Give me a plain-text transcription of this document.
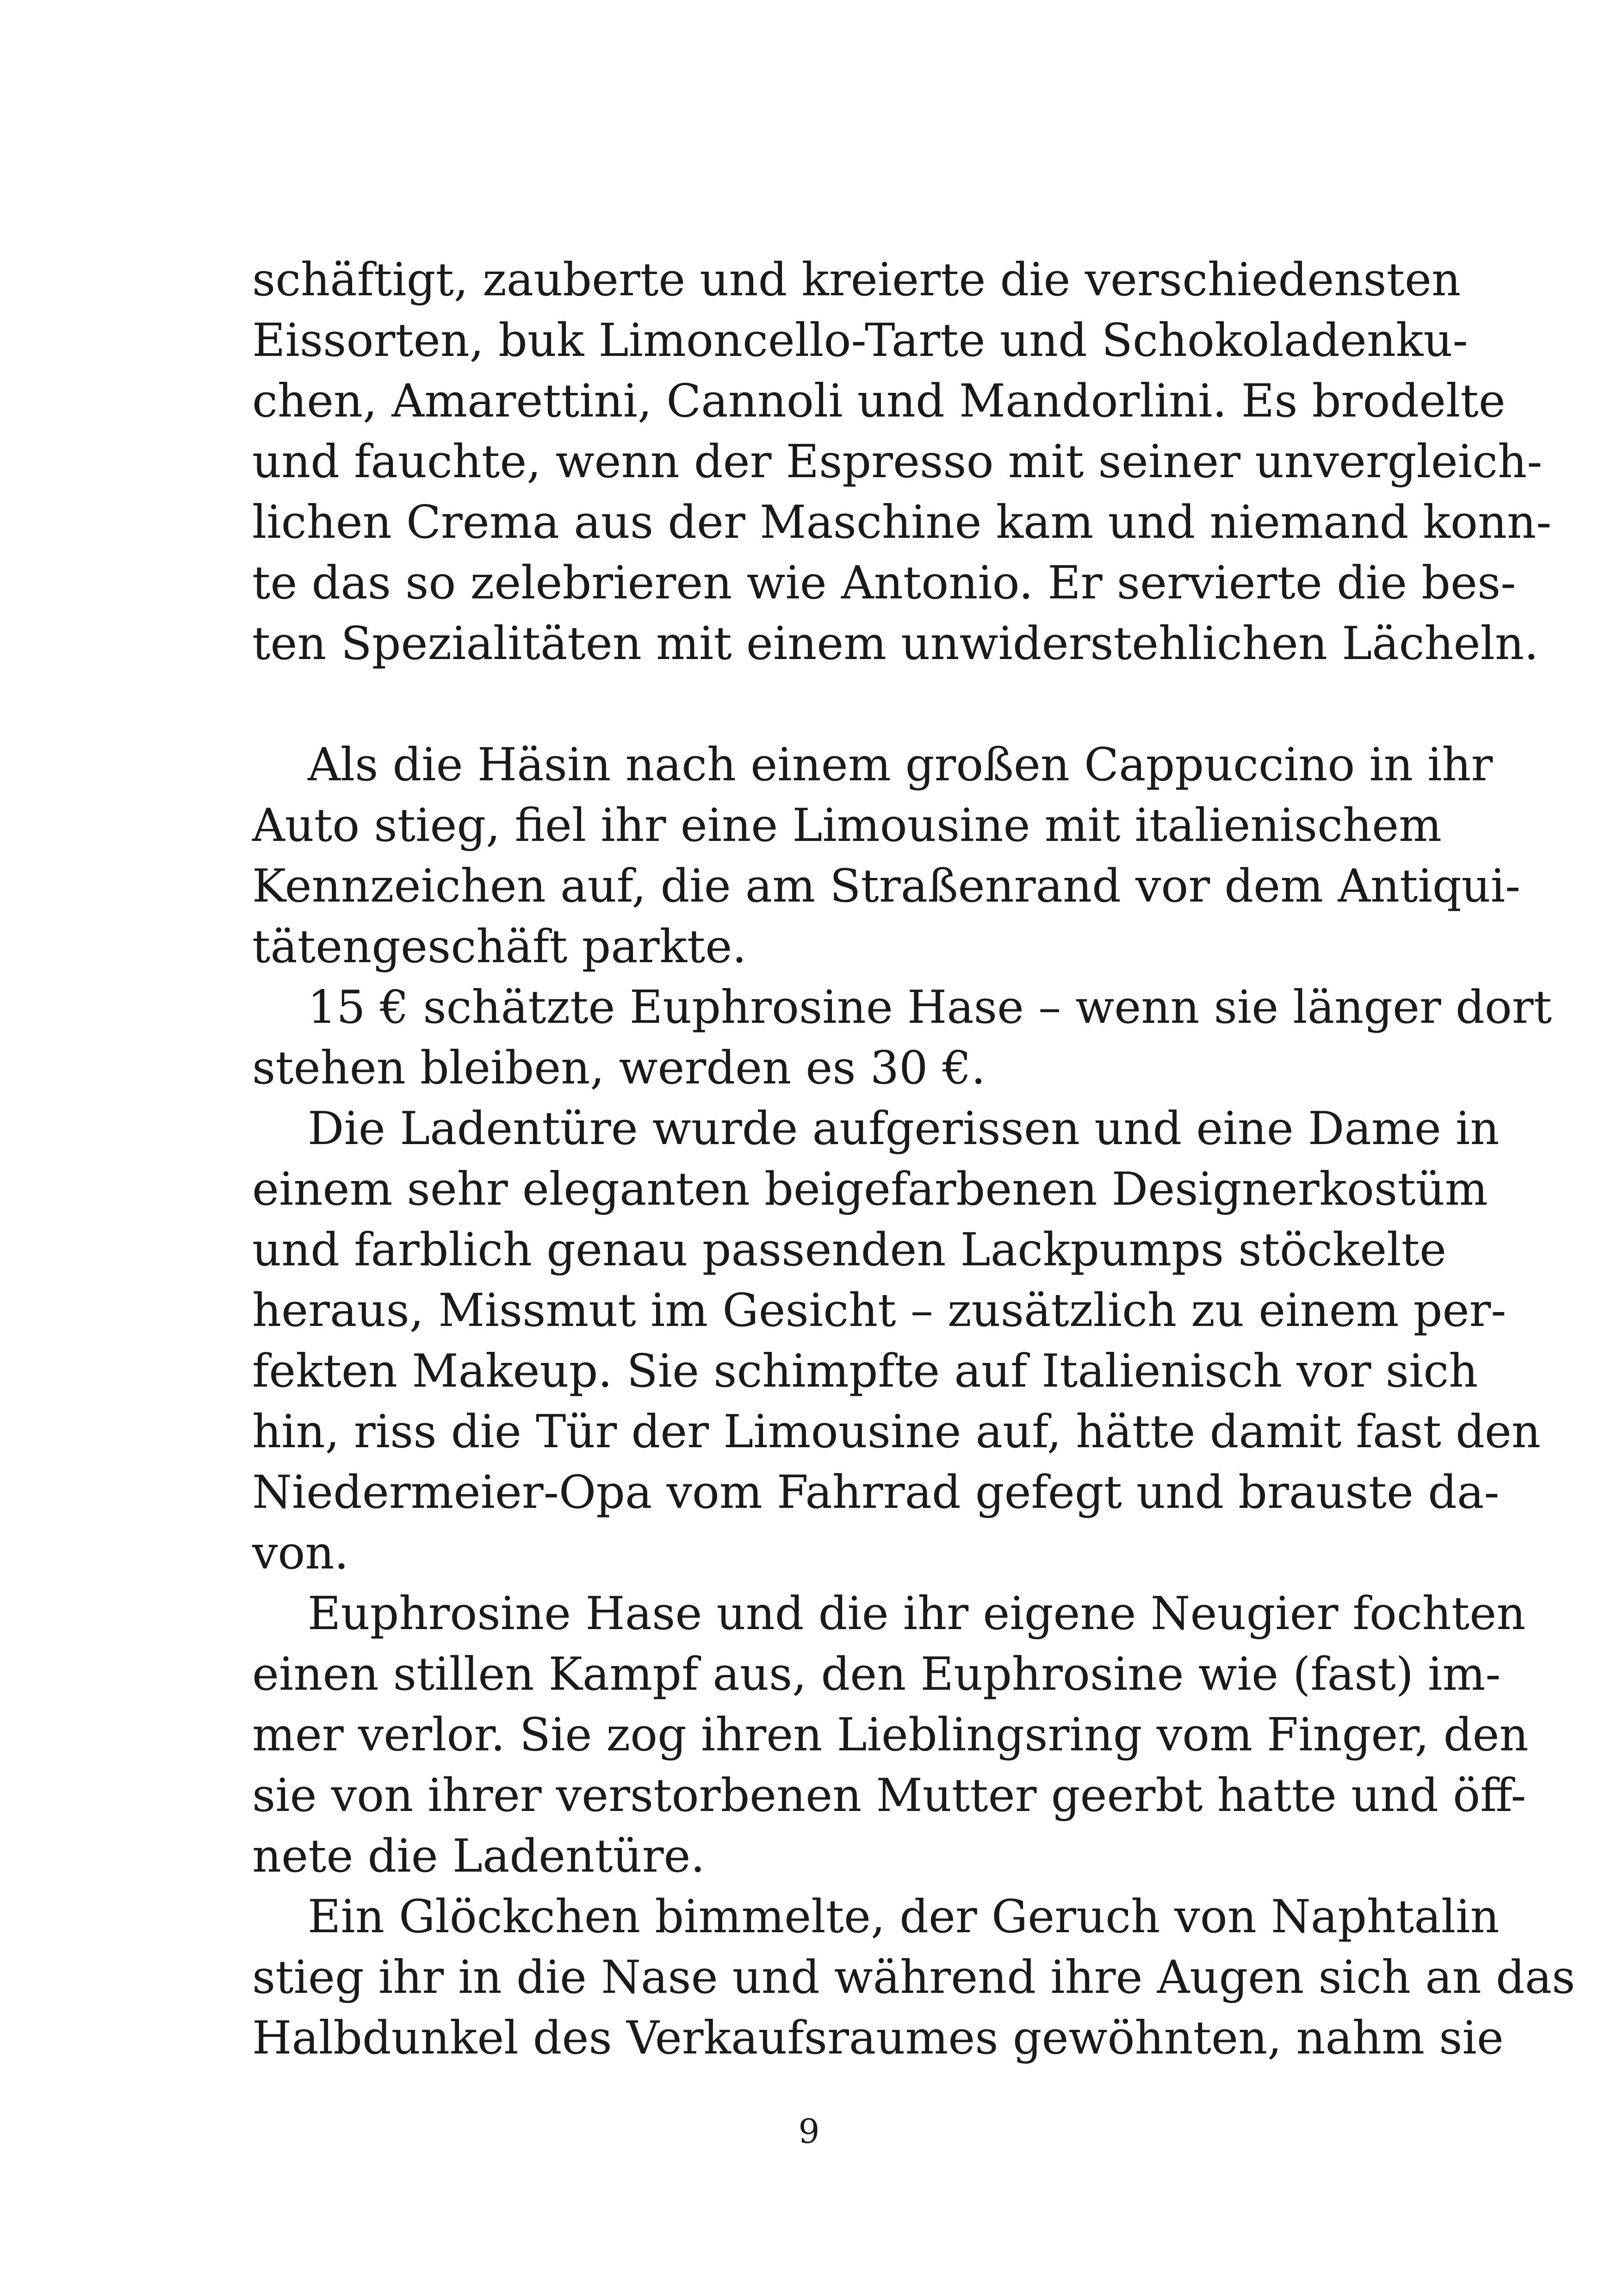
schäftigt, zauberte und kreierte die verschiedensten
Eissorten, buk Limoncello-Tarte und Schokoladenku-
chen, Amarettini, Cannoli und Mandorlini. Es brodelte
und fauchte, wenn der Espresso mit seiner unvergleich-
lichen Crema aus der Maschine kam und niemand konn-
te das so zelebrieren wie Antonio. Er servierte die bes-
ten Spezialitäten mit einem unwiderstehlichen Lächeln.
Als die Häsin nach einem großen Cappuccino in ihr
Auto stieg, fiel ihr eine Limousine mit italienischem
Kennzeichen auf, die am Straßenrand vor dem Antiqui-
tätengeschäft parkte.
15 € schätzte Euphrosine Hase – wenn sie länger dort
stehen bleiben, werden es 30 €.
Die Ladentüre wurde aufgerissen und eine Dame in
einem sehr eleganten beigefarbenen Designerkostüm
und farblich genau passenden Lackpumps stöckelte
heraus, Missmut im Gesicht – zusätzlich zu einem per-
fekten Makeup. Sie schimpfte auf Italienisch vor sich
hin, riss die Tür der Limousine auf, hätte damit fast den
Niedermeier-Opa vom Fahrrad gefegt und brauste da-
von.
Euphrosine Hase und die ihr eigene Neugier fochten
einen stillen Kampf aus, den Euphrosine wie (fast) im-
mer verlor. Sie zog ihren Lieblingsring vom Finger, den
sie von ihrer verstorbenen Mutter geerbt hatte und öff-
nete die Ladentüre.
Ein Glöckchen bimmelte, der Geruch von Naphtalin
stieg ihr in die Nase und während ihre Augen sich an das
Halbdunkel des Verkaufsraumes gewöhnten, nahm sie
9
